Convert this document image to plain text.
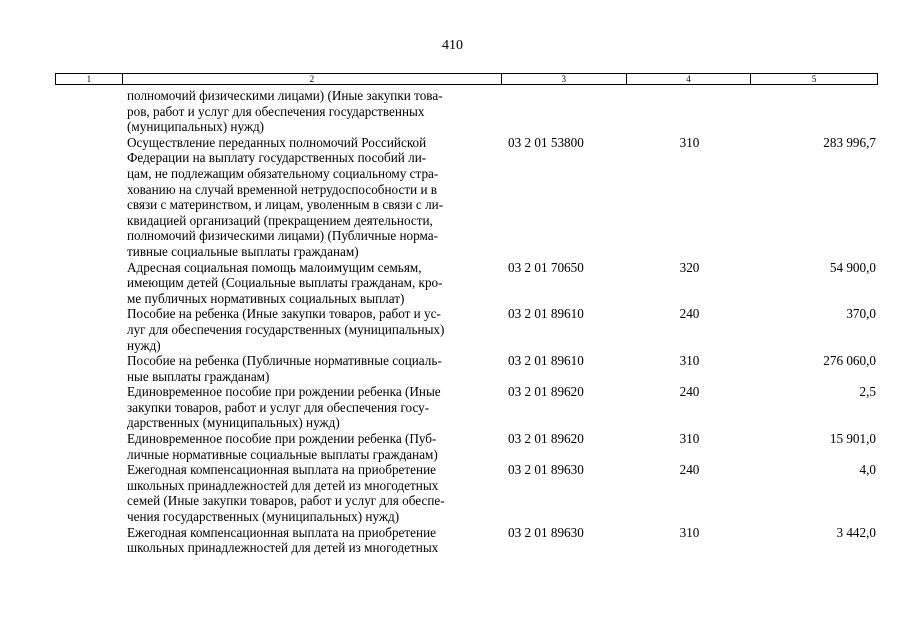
410
1	2	3	4	5
полномочий физическими лицами) (Иные закупки това-
ров, работ и услуг для обеспечения государственных
(муниципальных) нужд)
Осуществление переданных полномочий Российской
Федерации на выплату государственных пособий ли-
цам, не подлежащим обязательному социальному стра-
хованию на случай временной нетрудоспособности и в
связи с материнством, и лицам, уволенным в связи с ли-
квидацией организаций (прекращением деятельности,
полномочий физическими лицами) (Публичные норма-
тивные социальные выплаты гражданам)
03 2 01 53800	310	283 996,7
Адресная социальная помощь малоимущим семьям,
имеющим детей (Социальные выплаты гражданам, кро-
ме публичных нормативных социальных выплат)
03 2 01 70650	320	54 900,0
Пособие на ребенка (Иные закупки товаров, работ и ус-
луг для обеспечения государственных (муниципальных)
нужд)
03 2 01 89610	240	370,0
Пособие на ребенка (Публичные нормативные социаль-
ные выплаты гражданам)
03 2 01 89610	310	276 060,0
Единовременное пособие при рождении ребенка (Иные
закупки товаров, работ и услуг для обеспечения госу-
дарственных (муниципальных) нужд)
03 2 01 89620	240	2,5
Единовременное пособие при рождении ребенка (Пуб-
личные нормативные социальные выплаты гражданам)
03 2 01 89620	310	15 901,0
Ежегодная компенсационная выплата на приобретение
школьных принадлежностей для детей из многодетных
семей (Иные закупки товаров, работ и услуг для обеспе-
чения государственных (муниципальных) нужд)
03 2 01 89630	240	4,0
Ежегодная компенсационная выплата на приобретение
школьных принадлежностей для детей из многодетных
03 2 01 89630	310	3 442,0
